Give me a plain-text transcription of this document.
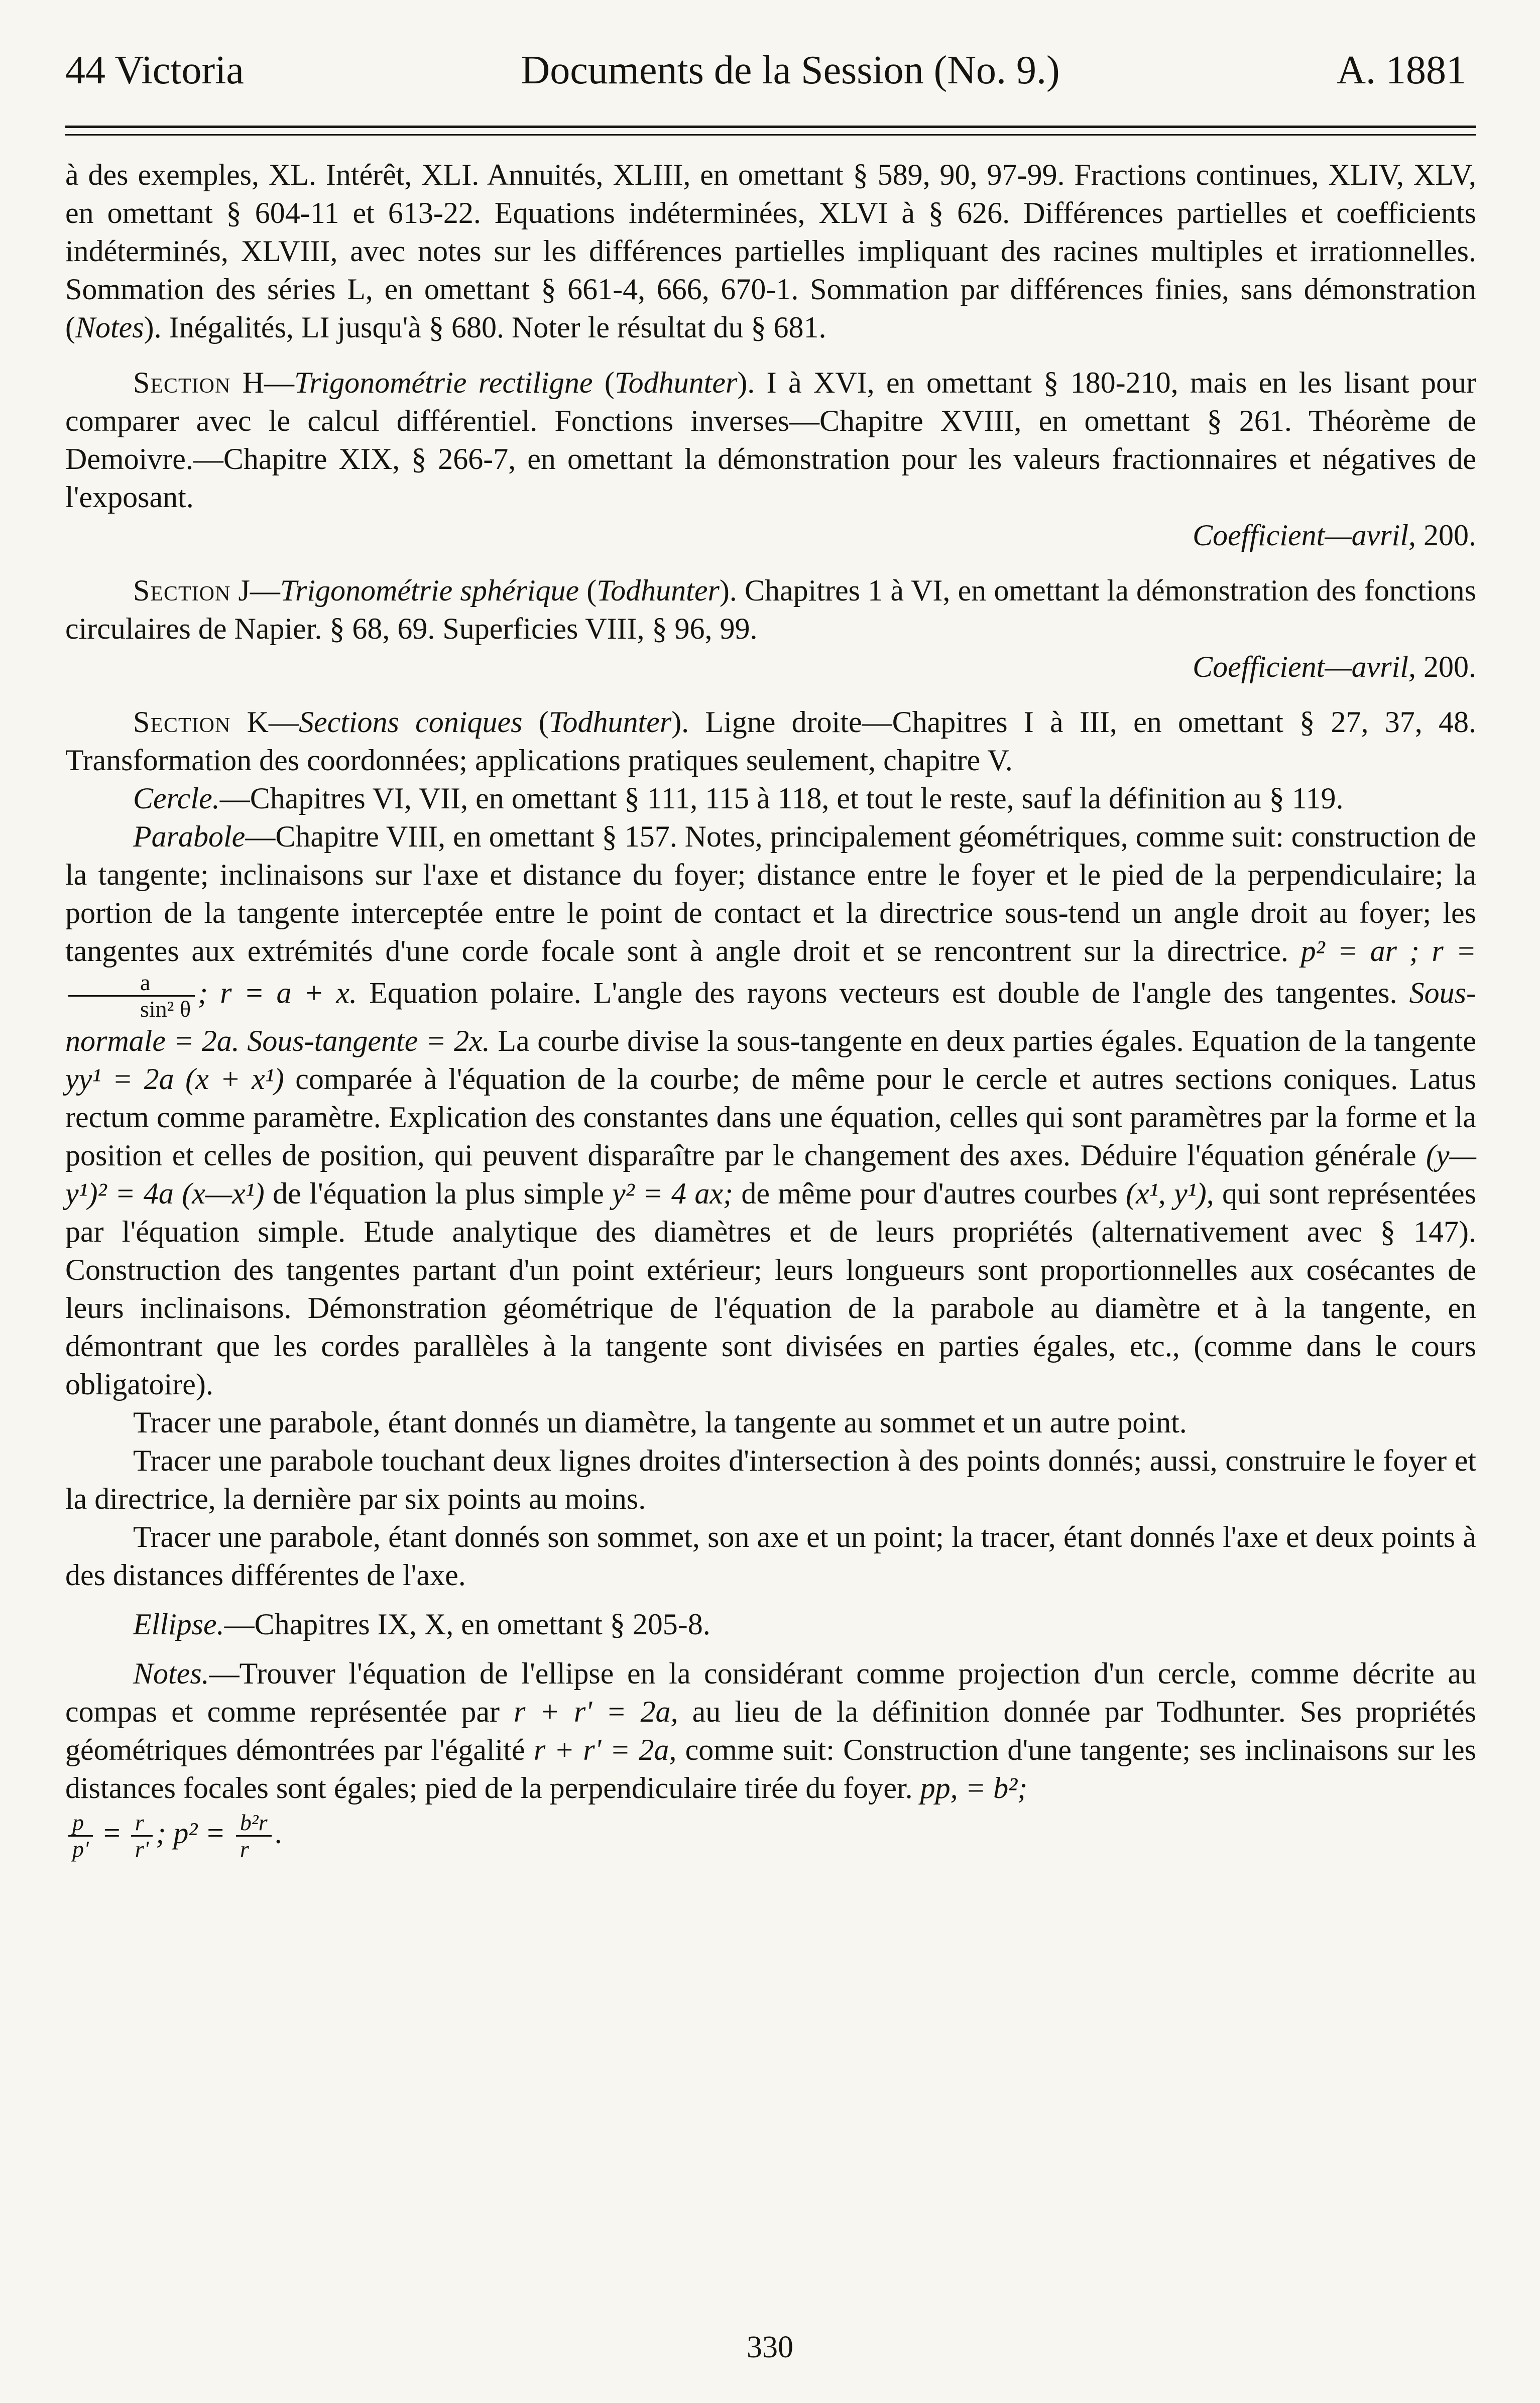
44 Victoria	Documents de la Session (No. 9.)	A. 1881

à des exemples, XL. Intérêt, XLI. Annuités, XLIII, en omettant § 589, 90, 97-99. Fractions continues, XLIV, XLV, en omettant § 604-11 et 613-22. Equations indéterminées, XLVI à § 626. Différences partielles et coefficients indéterminés, XLVIII, avec notes sur les différences partielles impliquant des racines multiples et irrationnelles. Sommation des séries L, en omettant § 661-4, 666, 670-1. Sommation par différences finies, sans démonstration (Notes). Inégalités, LI jusqu'à § 680. Noter le résultat du § 681.

Section H—Trigonométrie rectiligne (Todhunter). I à XVI, en omettant § 180-210, mais en les lisant pour comparer avec le calcul différentiel. Fonctions inverses—Chapitre XVIII, en omettant § 261. Théorème de Demoivre.—Chapitre XIX, § 266-7, en omettant la démonstration pour les valeurs fractionnaires et négatives de l'exposant.

Coefficient—avril, 200.

Section J—Trigonométrie sphérique (Todhunter). Chapitres 1 à VI, en omettant la démonstration des fonctions circulaires de Napier. § 68, 69. Superficies VIII, § 96, 99.

Coefficient—avril, 200.

Section K—Sections coniques (Todhunter). Ligne droite—Chapitres I à III, en omettant § 27, 37, 48. Transformation des coordonnées; applications pratiques seulement, chapitre V.

Cercle.—Chapitres VI, VII, en omettant § 111, 115 à 118, et tout le reste, sauf la définition au § 119.

Parabole—Chapitre VIII, en omettant § 157. Notes, principalement géométriques, comme suit: construction de la tangente; inclinaisons sur l'axe et distance du foyer; distance entre le foyer et le pied de la perpendiculaire; la portion de la tangente interceptée entre le point de contact et la directrice sous-tend un angle droit au foyer; les tangentes aux extrémités d'une corde focale sont à angle droit et se rencontrent sur la directrice. p² = ar ; r =
$\frac{a}{\text{sin² θ}}$ ; r = a + x. Equation polaire. L'angle des rayons vecteurs est double de l'angle des tangentes. Sous-normale = 2a. Sous-tangente = 2x. La courbe divise la sous-tangente en deux parties égales. Equation de la tangente yy¹ = 2a (x + x¹) comparée à l'équation de la courbe; de même pour le cercle et autres sections coniques. Latus rectum comme paramètre. Explication des constantes dans une équation, celles qui sont paramètres par la forme et la position et celles de position, qui peuvent disparaître par le changement des axes. Déduire l'équation générale (y—y¹)² = 4a (x—x¹) de l'équation la plus simple y² = 4 ax; de même pour d'autres courbes (x¹, y¹), qui sont représentées par l'équation simple. Etude analytique des diamètres et de leurs propriétés (alternativement avec § 147). Construction des tangentes partant d'un point extérieur; leurs longueurs sont proportionnelles aux cosécantes de leurs inclinaisons. Démonstration géométrique de l'équation de la parabole au diamètre et à la tangente, en démontrant que les cordes parallèles à la tangente sont divisées en parties égales, etc., (comme dans le cours obligatoire).

Tracer une parabole, étant donnés un diamètre, la tangente au sommet et un autre point.

Tracer une parabole touchant deux lignes droites d'intersection à des points donnés; aussi, construire le foyer et la directrice, la dernière par six points au moins.

Tracer une parabole, étant donnés son sommet, son axe et un point; la tracer, étant donnés l'axe et deux points à des distances différentes de l'axe.

Ellipse.—Chapitres IX, X, en omettant § 205-8.

Notes.—Trouver l'équation de l'ellipse en la considérant comme projection d'un cercle, comme décrite au compas et comme représentée par r + r' = 2a, au lieu de la définition donnée par Todhunter. Ses propriétés géométriques démontrées par l'égalité r + r' = 2a, comme suit: Construction d'une tangente; ses inclinaisons sur les distances focales sont égales; pied de la perpendiculaire tirée du foyer. pp, = b²;

$\frac{p}{p'} = \frac{r}{r'}$ ; $p^2 = \frac{\text{b²r}}{r}$ .

330
